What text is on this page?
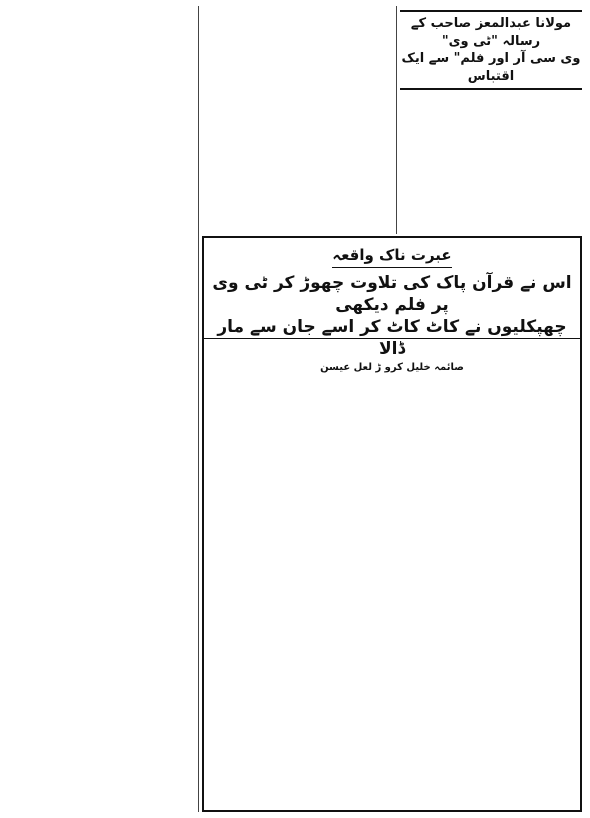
مولانا عبدالمعز صاحب کے رسالہ "ٹی وی"
وی سی آر اور فلم" سے ایک اقتباس

عبرت ناک واقعہ
اس نے قرآن پاک کی تلاوت چھوڑ کر ٹی وی پر فلم دیکھی
چھپکلیوں نے کاٹ کاٹ کر اسے جان سے مار ڈالا
صائمہ خلیل کرو ڑ لعل عیسن
